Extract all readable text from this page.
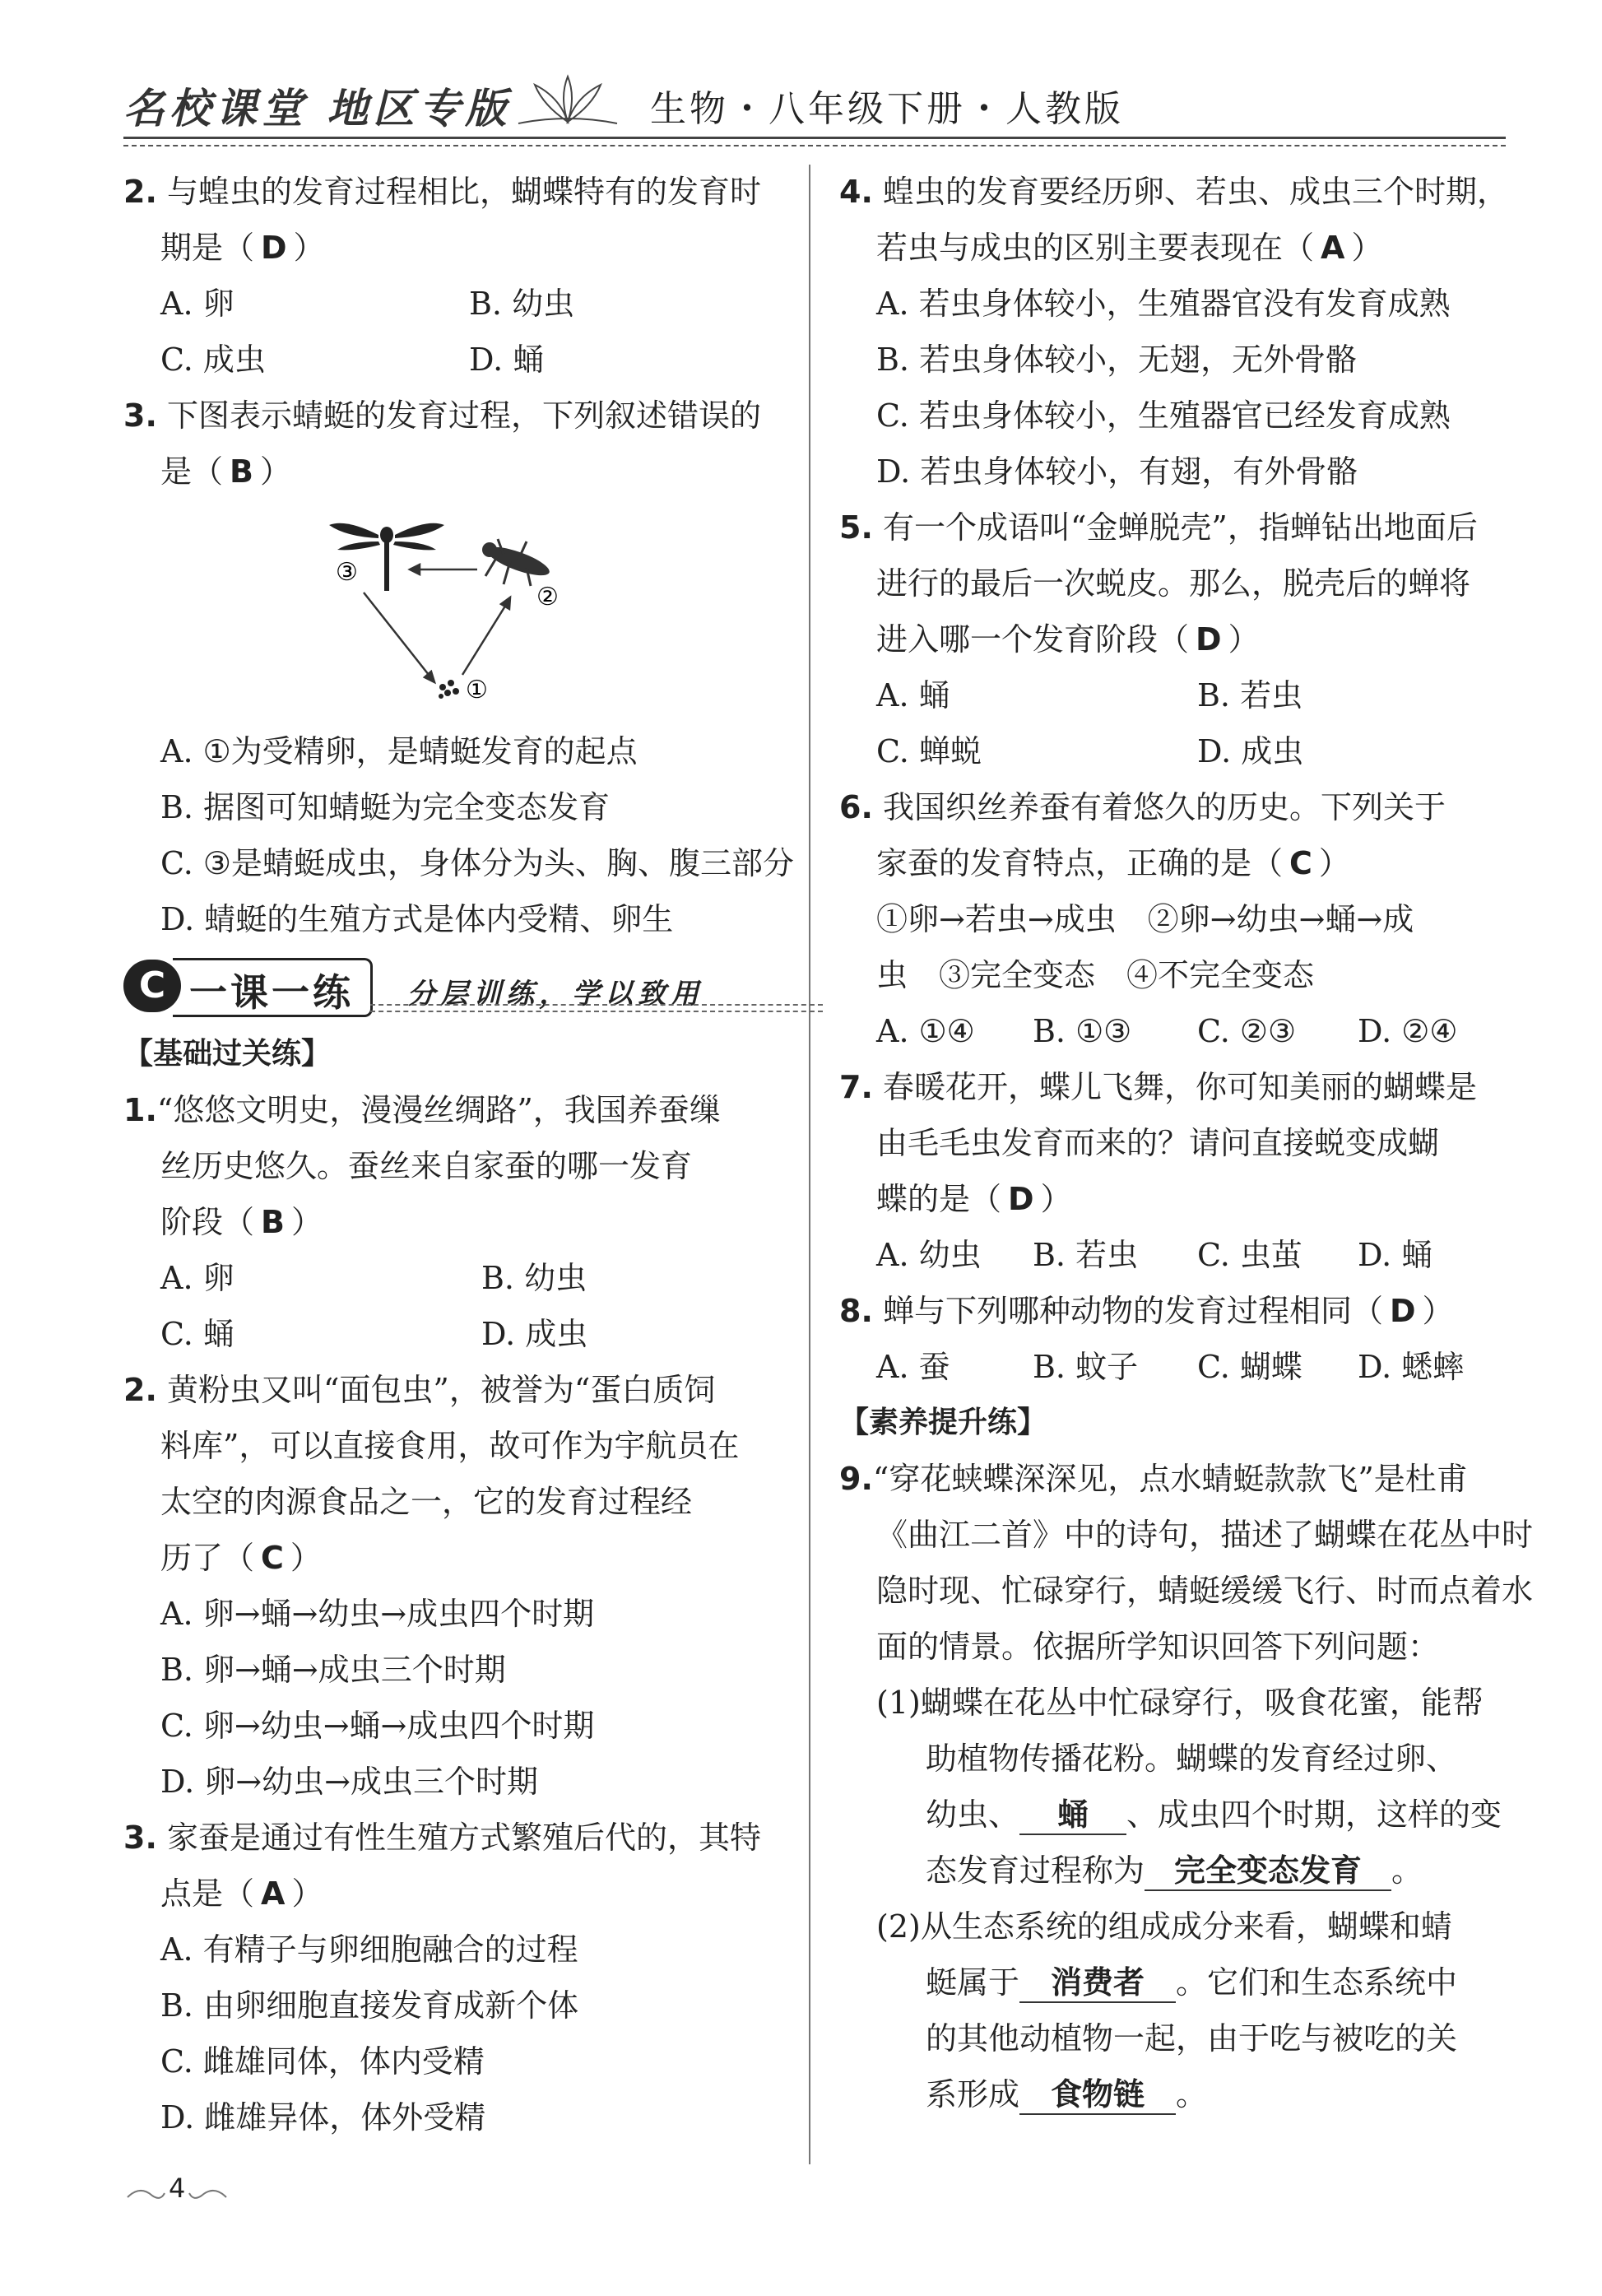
名校课堂 地区专版	生物・八年级下册・人教版
2. 与蝗虫的发育过程相比，蝴蝶特有的发育时
期是（ D ）
A. 卵	B. 幼虫
C. 成虫	D. 蛹
3. 下图表示蜻蜓的发育过程，下列叙述错误的
是（ B ）
③
②
①
A. ①为受精卵，是蜻蜓发育的起点
B. 据图可知蜻蜓为完全变态发育
C. ③是蜻蜓成虫，身体分为头、胸、腹三部分
D. 蜻蜓的生殖方式是体内受精、卵生
C 一课一练 分层训练，学以致用
【基础过关练】
1.“悠悠文明史，漫漫丝绸路”，我国养蚕缫
丝历史悠久。蚕丝来自家蚕的哪一发育
阶段（ B ）
A. 卵	B. 幼虫
C. 蛹	D. 成虫
2. 黄粉虫又叫“面包虫”，被誉为“蛋白质饲
料库”，可以直接食用，故可作为宇航员在
太空的肉源食品之一，它的发育过程经
历了（ C ）
A. 卵→蛹→幼虫→成虫四个时期
B. 卵→蛹→成虫三个时期
C. 卵→幼虫→蛹→成虫四个时期
D. 卵→幼虫→成虫三个时期
3. 家蚕是通过有性生殖方式繁殖后代的，其特
点是（ A ）
A. 有精子与卵细胞融合的过程
B. 由卵细胞直接发育成新个体
C. 雌雄同体，体内受精
D. 雌雄异体，体外受精
4. 蝗虫的发育要经历卵、若虫、成虫三个时期，
若虫与成虫的区别主要表现在（ A ）
A. 若虫身体较小，生殖器官没有发育成熟
B. 若虫身体较小，无翅，无外骨骼
C. 若虫身体较小，生殖器官已经发育成熟
D. 若虫身体较小，有翅，有外骨骼
5. 有一个成语叫“金蝉脱壳”，指蝉钻出地面后
进行的最后一次蜕皮。那么，脱壳后的蝉将
进入哪一个发育阶段（ D ）
A. 蛹	B. 若虫
C. 蝉蜕	D. 成虫
6. 我国织丝养蚕有着悠久的历史。下列关于
家蚕的发育特点，正确的是（ C ）
①卵→若虫→成虫　②卵→幼虫→蛹→成
虫　③完全变态　④不完全变态
A. ①④ B. ①③ C. ②③ D. ②④
7. 春暖花开，蝶儿飞舞，你可知美丽的蝴蝶是
由毛毛虫发育而来的？请问直接蜕变成蝴
蝶的是（ D ）
A. 幼虫 B. 若虫 C. 虫茧 D. 蛹
8. 蝉与下列哪种动物的发育过程相同（ D ）
A. 蚕	B. 蚊子 C. 蝴蝶 D. 蟋蟀
【素养提升练】
9.“穿花蛱蝶深深见，点水蜻蜓款款飞”是杜甫
《曲江二首》中的诗句，描述了蝴蝶在花丛中时
隐时现、忙碌穿行，蜻蜓缓缓飞行、时而点着水
面的情景。依据所学知识回答下列问题：
(1)蝴蝶在花丛中忙碌穿行，吸食花蜜，能帮
助植物传播花粉。蝴蝶的发育经过卵、
幼虫、 蛹 、成虫四个时期，这样的变
态发育过程称为 完全变态发育 。
(2)从生态系统的组成成分来看，蝴蝶和蜻
蜓属于 消费者 。它们和生态系统中
的其他动植物一起，由于吃与被吃的关
系形成 食物链 。
4
